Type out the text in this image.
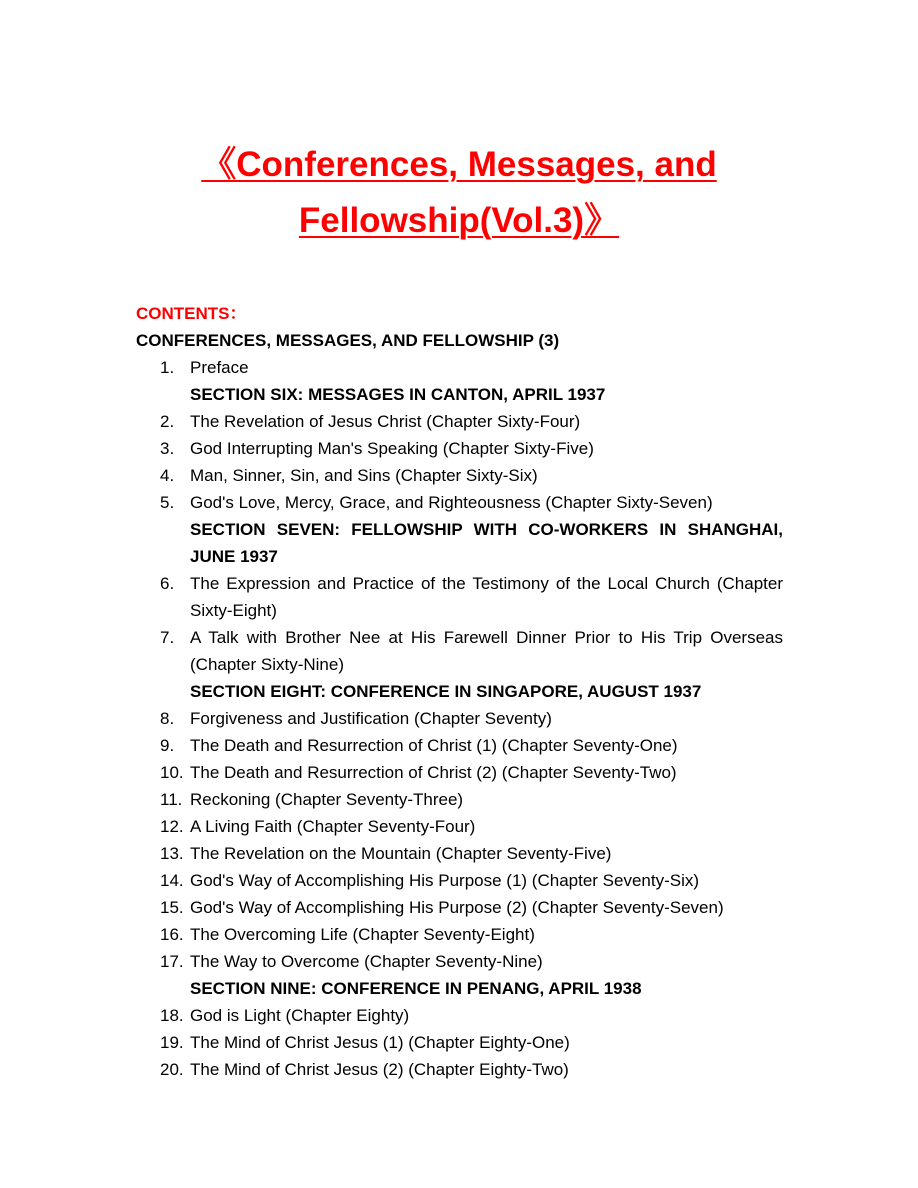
《Conferences, Messages, and Fellowship(Vol.3)》
CONTENTS：
CONFERENCES, MESSAGES, AND FELLOWSHIP (3)
1. Preface
SECTION SIX: MESSAGES IN CANTON, APRIL 1937
2. The Revelation of Jesus Christ (Chapter Sixty-Four)
3. God Interrupting Man's Speaking (Chapter Sixty-Five)
4. Man, Sinner, Sin, and Sins (Chapter Sixty-Six)
5. God's Love, Mercy, Grace, and Righteousness (Chapter Sixty-Seven)
SECTION SEVEN: FELLOWSHIP WITH CO-WORKERS IN SHANGHAI, JUNE 1937
6. The Expression and Practice of the Testimony of the Local Church (Chapter Sixty-Eight)
7. A Talk with Brother Nee at His Farewell Dinner Prior to His Trip Overseas (Chapter Sixty-Nine)
SECTION EIGHT: CONFERENCE IN SINGAPORE, AUGUST 1937
8. Forgiveness and Justification (Chapter Seventy)
9. The Death and Resurrection of Christ (1) (Chapter Seventy-One)
10. The Death and Resurrection of Christ (2) (Chapter Seventy-Two)
11. Reckoning (Chapter Seventy-Three)
12. A Living Faith (Chapter Seventy-Four)
13. The Revelation on the Mountain (Chapter Seventy-Five)
14. God's Way of Accomplishing His Purpose (1) (Chapter Seventy-Six)
15. God's Way of Accomplishing His Purpose (2) (Chapter Seventy-Seven)
16. The Overcoming Life (Chapter Seventy-Eight)
17. The Way to Overcome (Chapter Seventy-Nine)
SECTION NINE: CONFERENCE IN PENANG, APRIL 1938
18. God is Light (Chapter Eighty)
19. The Mind of Christ Jesus (1) (Chapter Eighty-One)
20. The Mind of Christ Jesus (2) (Chapter Eighty-Two)
